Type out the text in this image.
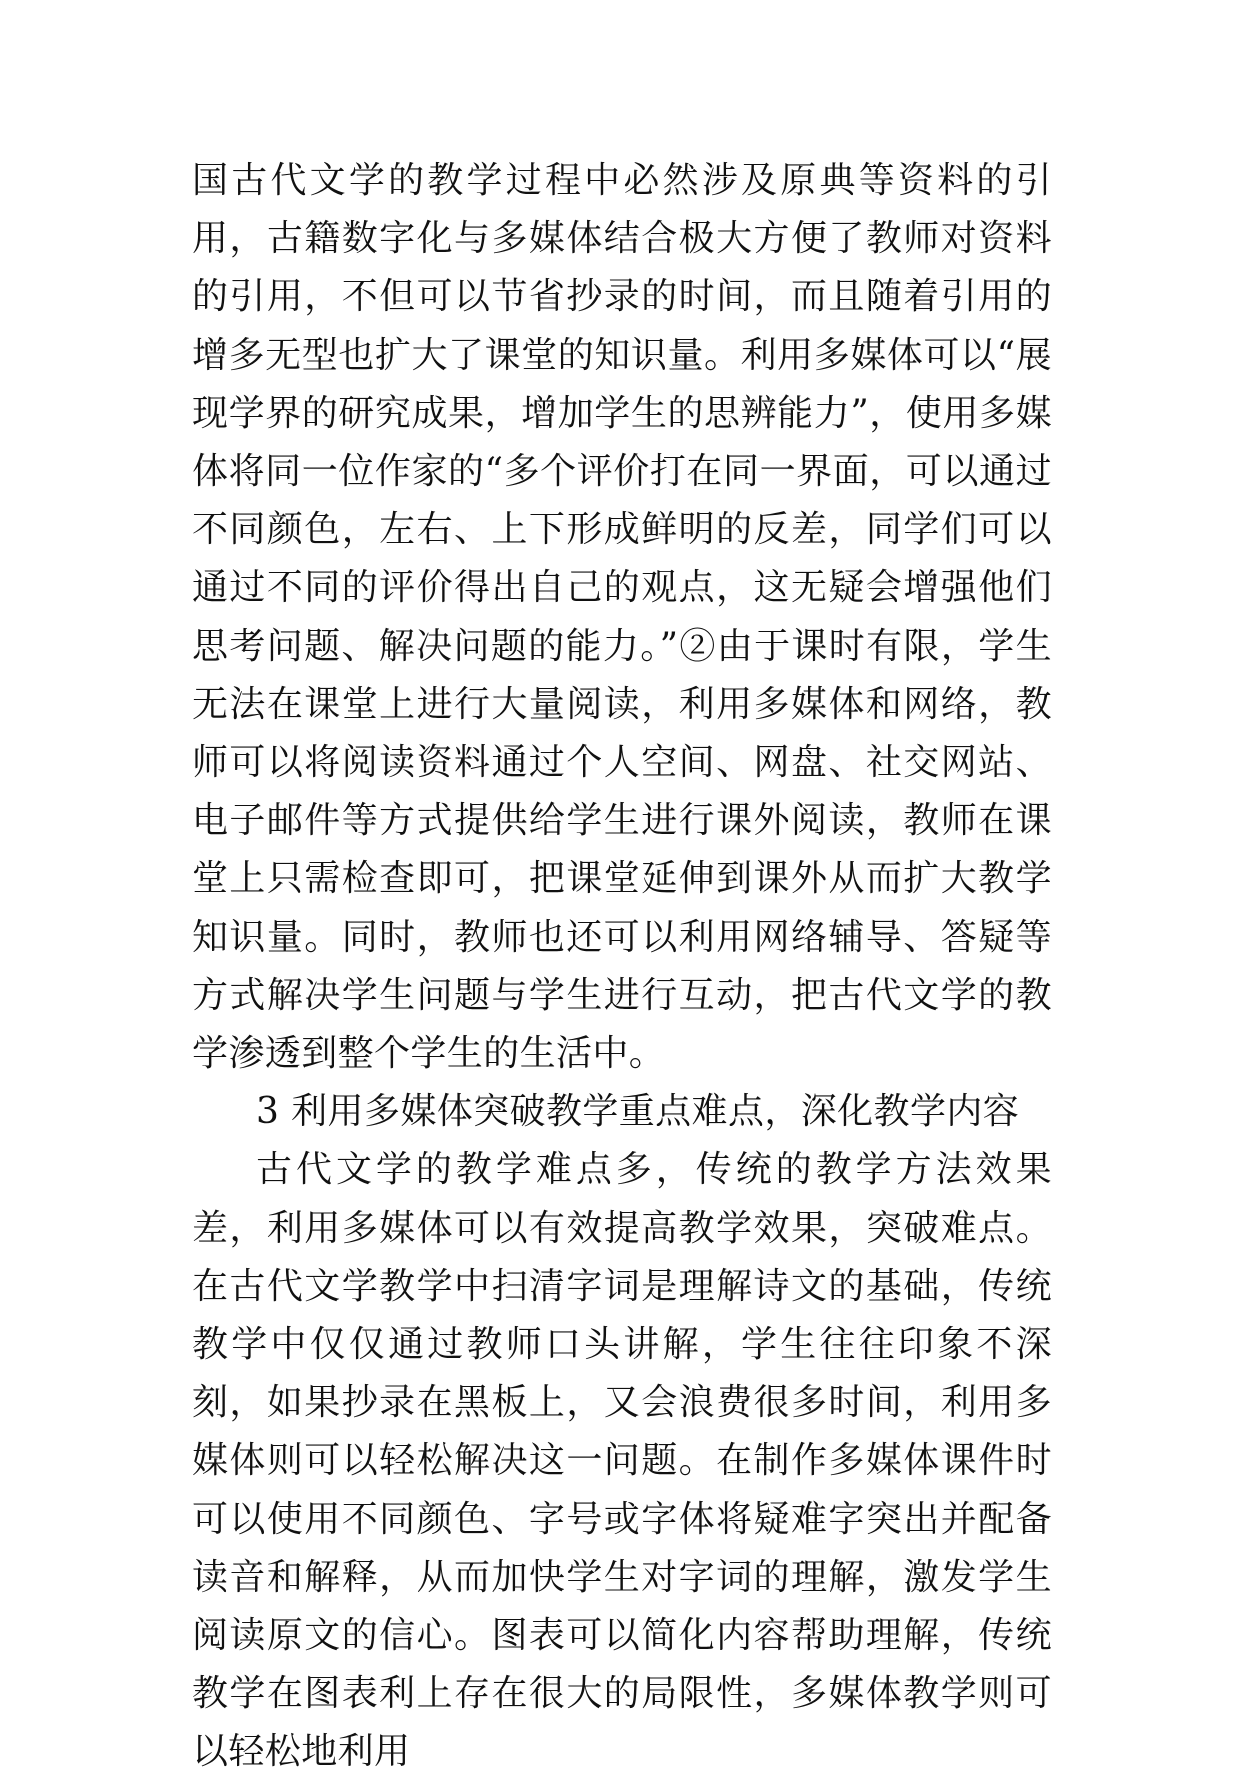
国古代文学的教学过程中必然涉及原典等资料的引用，古籍数字化与多媒体结合极大方便了教师对资料的引用，不但可以节省抄录的时间，而且随着引用的增多无型也扩大了课堂的知识量。利用多媒体可以“展现学界的研究成果，增加学生的思辨能力”，使用多媒体将同一位作家的“多个评价打在同一界面，可以通过不同颜色，左右、上下形成鲜明的反差，同学们可以通过不同的评价得出自己的观点，这无疑会增强他们思考问题、解决问题的能力。”②由于课时有限，学生无法在课堂上进行大量阅读，利用多媒体和网络，教师可以将阅读资料通过个人空间、网盘、社交网站、电子邮件等方式提供给学生进行课外阅读，教师在课堂上只需检查即可，把课堂延伸到课外从而扩大教学知识量。同时，教师也还可以利用网络辅导、答疑等方式解决学生问题与学生进行互动，把古代文学的教学渗透到整个学生的生活中。

3 利用多媒体突破教学重点难点，深化教学内容

古代文学的教学难点多，传统的教学方法效果差，利用多媒体可以有效提高教学效果，突破难点。在古代文学教学中扫清字词是理解诗文的基础，传统教学中仅仅通过教师口头讲解，学生往往印象不深刻，如果抄录在黑板上，又会浪费很多时间，利用多媒体则可以轻松解决这一问题。在制作多媒体课件时可以使用不同颜色、字号或字体将疑难字突出并配备读音和解释，从而加快学生对字词的理解，激发学生阅读原文的信心。图表可以简化内容帮助理解，传统教学在图表利上存在很大的局限性，多媒体教学则可以轻松地利用
